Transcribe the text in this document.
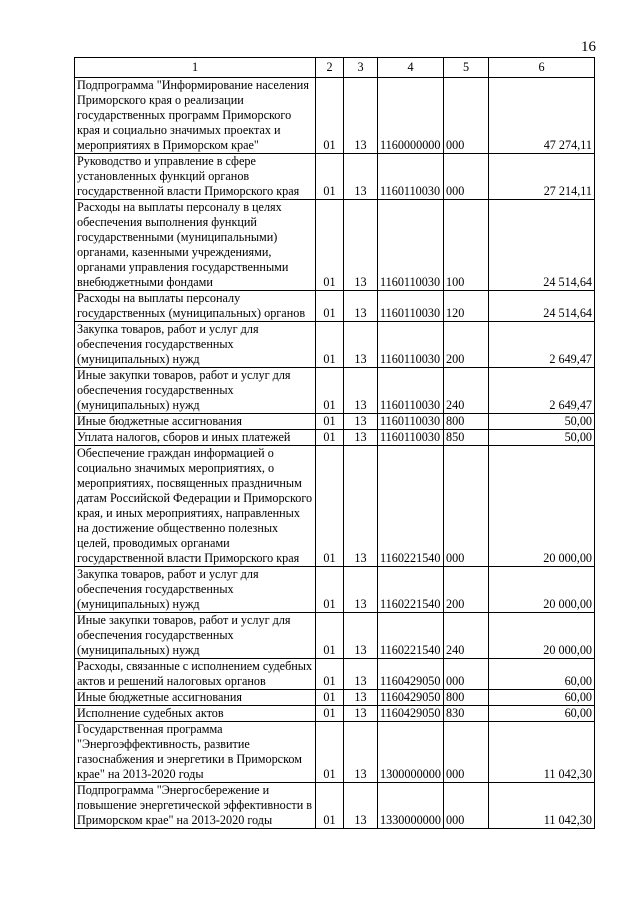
16
1	2	3	4	5	6
Подпрограмма "Информирование населения Приморского края о реализации государственных программ Приморского края и социально значимых проектах и мероприятиях в Приморском крае"	01	13	1160000000	000	47 274,11
Руководство и управление в сфере установленных функций органов государственной власти Приморского края	01	13	1160110030	000	27 214,11
Расходы на выплаты персоналу в целях обеспечения выполнения функций государственными (муниципальными) органами, казенными учреждениями, органами управления государственными внебюджетными фондами	01	13	1160110030	100	24 514,64
Расходы на выплаты персоналу государственных (муниципальных) органов	01	13	1160110030	120	24 514,64
Закупка товаров, работ и услуг для обеспечения государственных (муниципальных) нужд	01	13	1160110030	200	2 649,47
Иные закупки товаров, работ и услуг для обеспечения государственных (муниципальных) нужд	01	13	1160110030	240	2 649,47
Иные бюджетные ассигнования	01	13	1160110030	800	50,00
Уплата налогов, сборов и иных платежей	01	13	1160110030	850	50,00
Обеспечение граждан информацией о социально значимых мероприятиях, о мероприятиях, посвященных праздничным датам Российской Федерации и Приморского края, и иных мероприятиях, направленных на достижение общественно полезных целей, проводимых органами государственной власти Приморского края	01	13	1160221540	000	20 000,00
Закупка товаров, работ и услуг для обеспечения государственных (муниципальных) нужд	01	13	1160221540	200	20 000,00
Иные закупки товаров, работ и услуг для обеспечения государственных (муниципальных) нужд	01	13	1160221540	240	20 000,00
Расходы, связанные с исполнением судебных актов и решений налоговых органов	01	13	1160429050	000	60,00
Иные бюджетные ассигнования	01	13	1160429050	800	60,00
Исполнение судебных актов	01	13	1160429050	830	60,00
Государственная программа "Энергоэффективность, развитие газоснабжения и энергетики в Приморском крае" на 2013-2020 годы	01	13	1300000000	000	11 042,30
Подпрограмма "Энергосбережение и повышение энергетической эффективности в Приморском крае" на 2013-2020 годы	01	13	1330000000	000	11 042,30
